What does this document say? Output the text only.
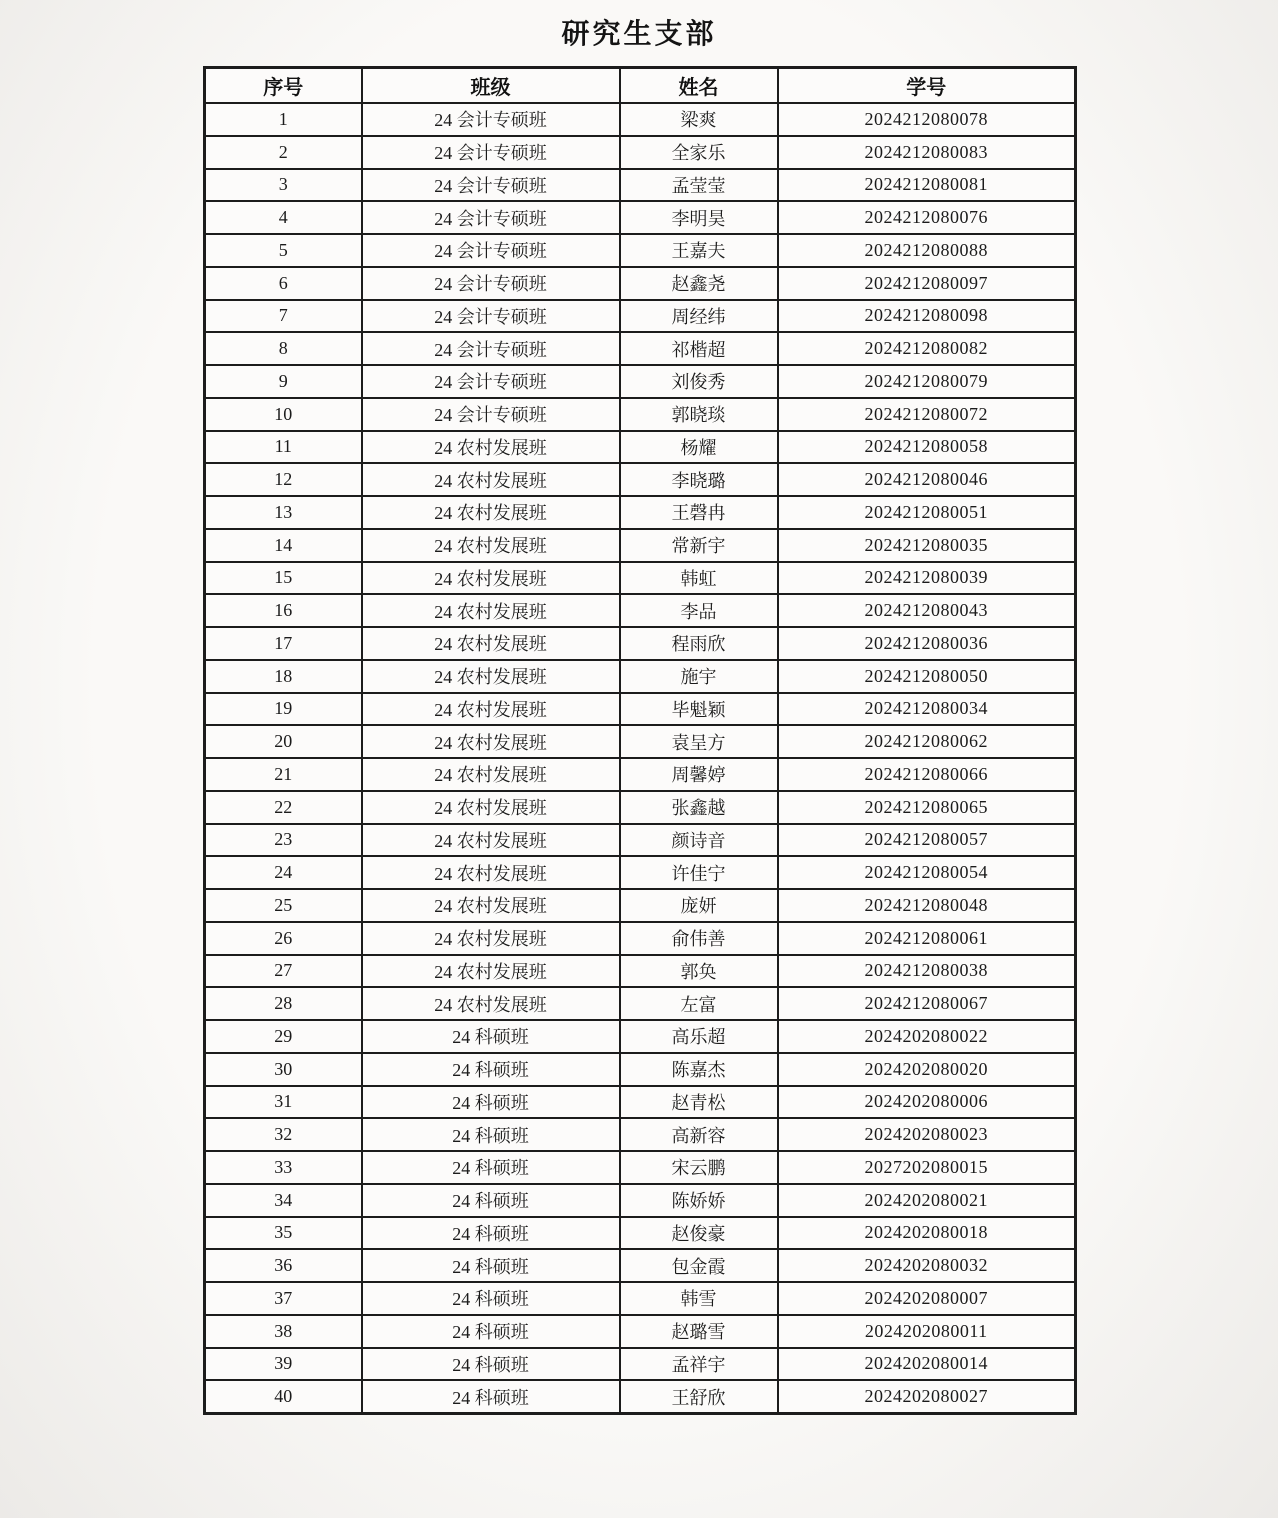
研究生支部
序号	班级	姓名	学号
1	24 会计专硕班	梁爽	2024212080078
2	24 会计专硕班	全家乐	2024212080083
3	24 会计专硕班	孟莹莹	2024212080081
4	24 会计专硕班	李明昊	2024212080076
5	24 会计专硕班	王嘉夫	2024212080088
6	24 会计专硕班	赵鑫尧	2024212080097
7	24 会计专硕班	周经纬	2024212080098
8	24 会计专硕班	祁楷超	2024212080082
9	24 会计专硕班	刘俊秀	2024212080079
10	24 会计专硕班	郭晓琰	2024212080072
11	24 农村发展班	杨耀	2024212080058
12	24 农村发展班	李晓璐	2024212080046
13	24 农村发展班	王磬冉	2024212080051
14	24 农村发展班	常新宇	2024212080035
15	24 农村发展班	韩虹	2024212080039
16	24 农村发展班	李品	2024212080043
17	24 农村发展班	程雨欣	2024212080036
18	24 农村发展班	施宇	2024212080050
19	24 农村发展班	毕魁颖	2024212080034
20	24 农村发展班	袁呈方	2024212080062
21	24 农村发展班	周馨婷	2024212080066
22	24 农村发展班	张鑫越	2024212080065
23	24 农村发展班	颜诗音	2024212080057
24	24 农村发展班	许佳宁	2024212080054
25	24 农村发展班	庞妍	2024212080048
26	24 农村发展班	俞伟善	2024212080061
27	24 农村发展班	郭奂	2024212080038
28	24 农村发展班	左富	2024212080067
29	24 科硕班	高乐超	2024202080022
30	24 科硕班	陈嘉杰	2024202080020
31	24 科硕班	赵青松	2024202080006
32	24 科硕班	高新容	2024202080023
33	24 科硕班	宋云鹏	2027202080015
34	24 科硕班	陈娇娇	2024202080021
35	24 科硕班	赵俊豪	2024202080018
36	24 科硕班	包金霞	2024202080032
37	24 科硕班	韩雪	2024202080007
38	24 科硕班	赵璐雪	2024202080011
39	24 科硕班	孟祥宇	2024202080014
40	24 科硕班	王舒欣	2024202080027
